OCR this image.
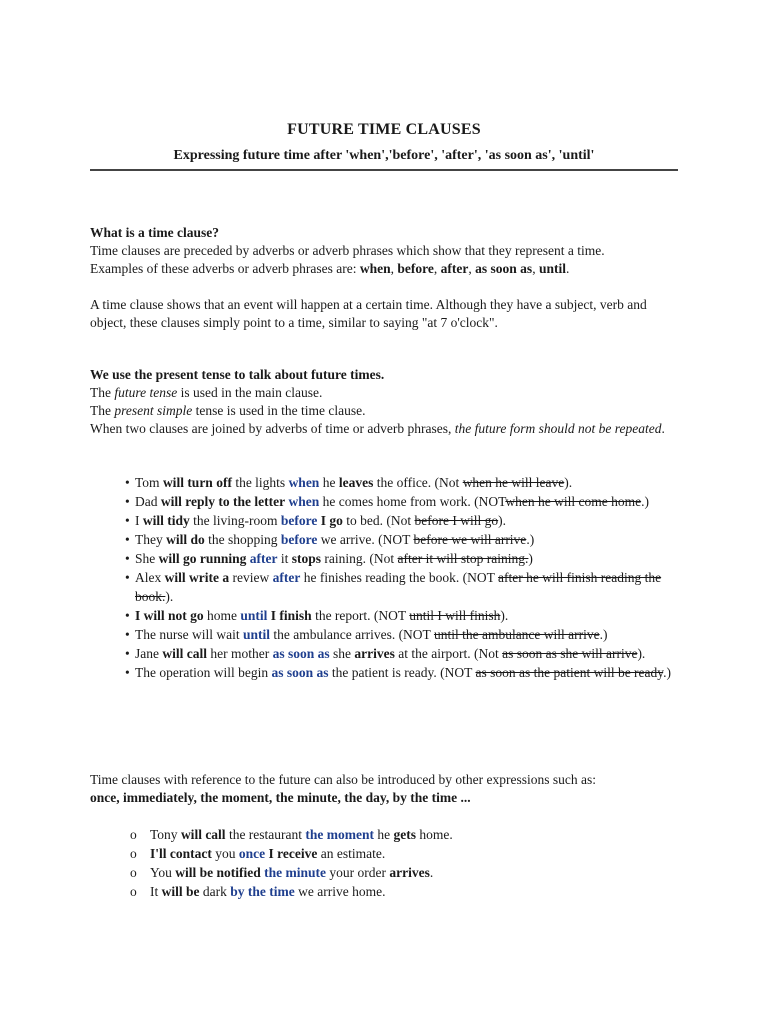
FUTURE TIME CLAUSES
Expressing future time after 'when','before', 'after', 'as soon as', 'until'
What is a time clause?
Time clauses are preceded by adverbs or adverb phrases which show that they represent a time.
Examples of these adverbs or adverb phrases are: when, before, after, as soon as, until.
A time clause shows that an event will happen at a certain time. Although they have a subject, verb and object, these clauses simply point to a time, similar to saying "at 7 o'clock".
We use the present tense to talk about future times.
The future tense is used in the main clause.
The present simple tense is used in the time clause.
When two clauses are joined by adverbs of time or adverb phrases, the future form should not be repeated.
• Tom will turn off the lights when he leaves the office. (Not when he will leave).
• Dad will reply to the letter when he comes home from work. (NOTwhen he will come home.)
• I will tidy the living-room before I go to bed. (Not before I will go).
• They will do the shopping before we arrive. (NOT before we will arrive.)
• She will go running after it stops raining. (Not after it will stop raining.)
• Alex will write a review after he finishes reading the book. (NOT after he will finish reading the book.).
• I will not go home until I finish the report. (NOT until I will finish).
• The nurse will wait until the ambulance arrives. (NOT until the ambulance will arrive.)
• Jane will call her mother as soon as she arrives at the airport. (Not as soon as she will arrive).
• The operation will begin as soon as the patient is ready. (NOT as soon as the patient will be ready.)
Time clauses with reference to the future can also be introduced by other expressions such as:
once, immediately, the moment, the minute, the day, by the time ...
o Tony will call the restaurant the moment he gets home.
o I'll contact you once I receive an estimate.
o You will be notified the minute your order arrives.
o It will be dark by the time we arrive home.
